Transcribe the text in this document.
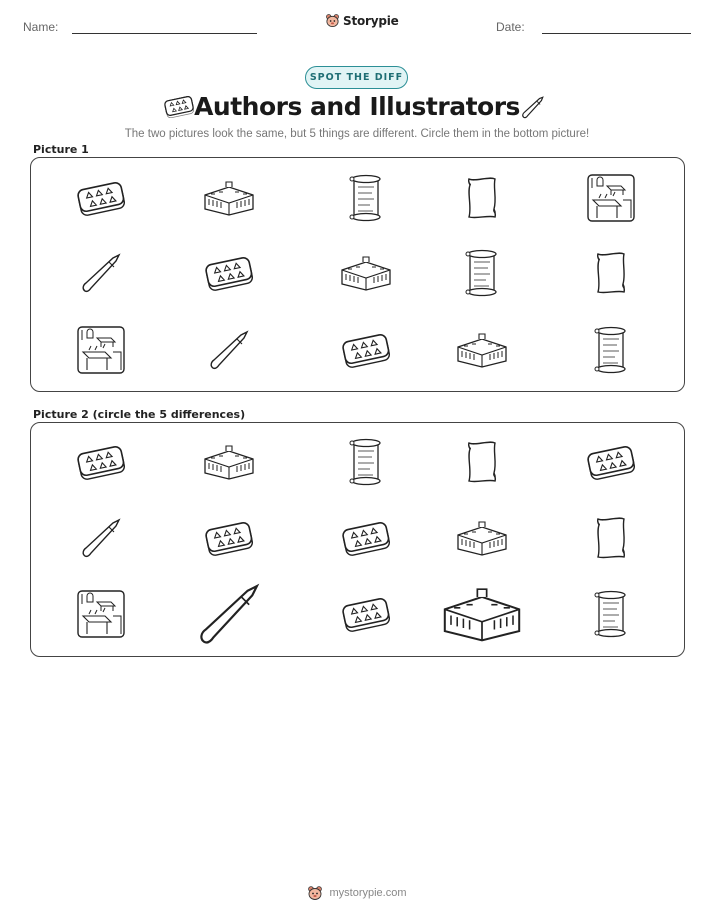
Name:	Storypie	Date:
SPOT THE DIFF
Authors and Illustrators
The two pictures look the same, but 5 things are different. Circle them in the bottom picture!
Picture 1
Picture 2 (circle the 5 differences)
mystorypie.com
